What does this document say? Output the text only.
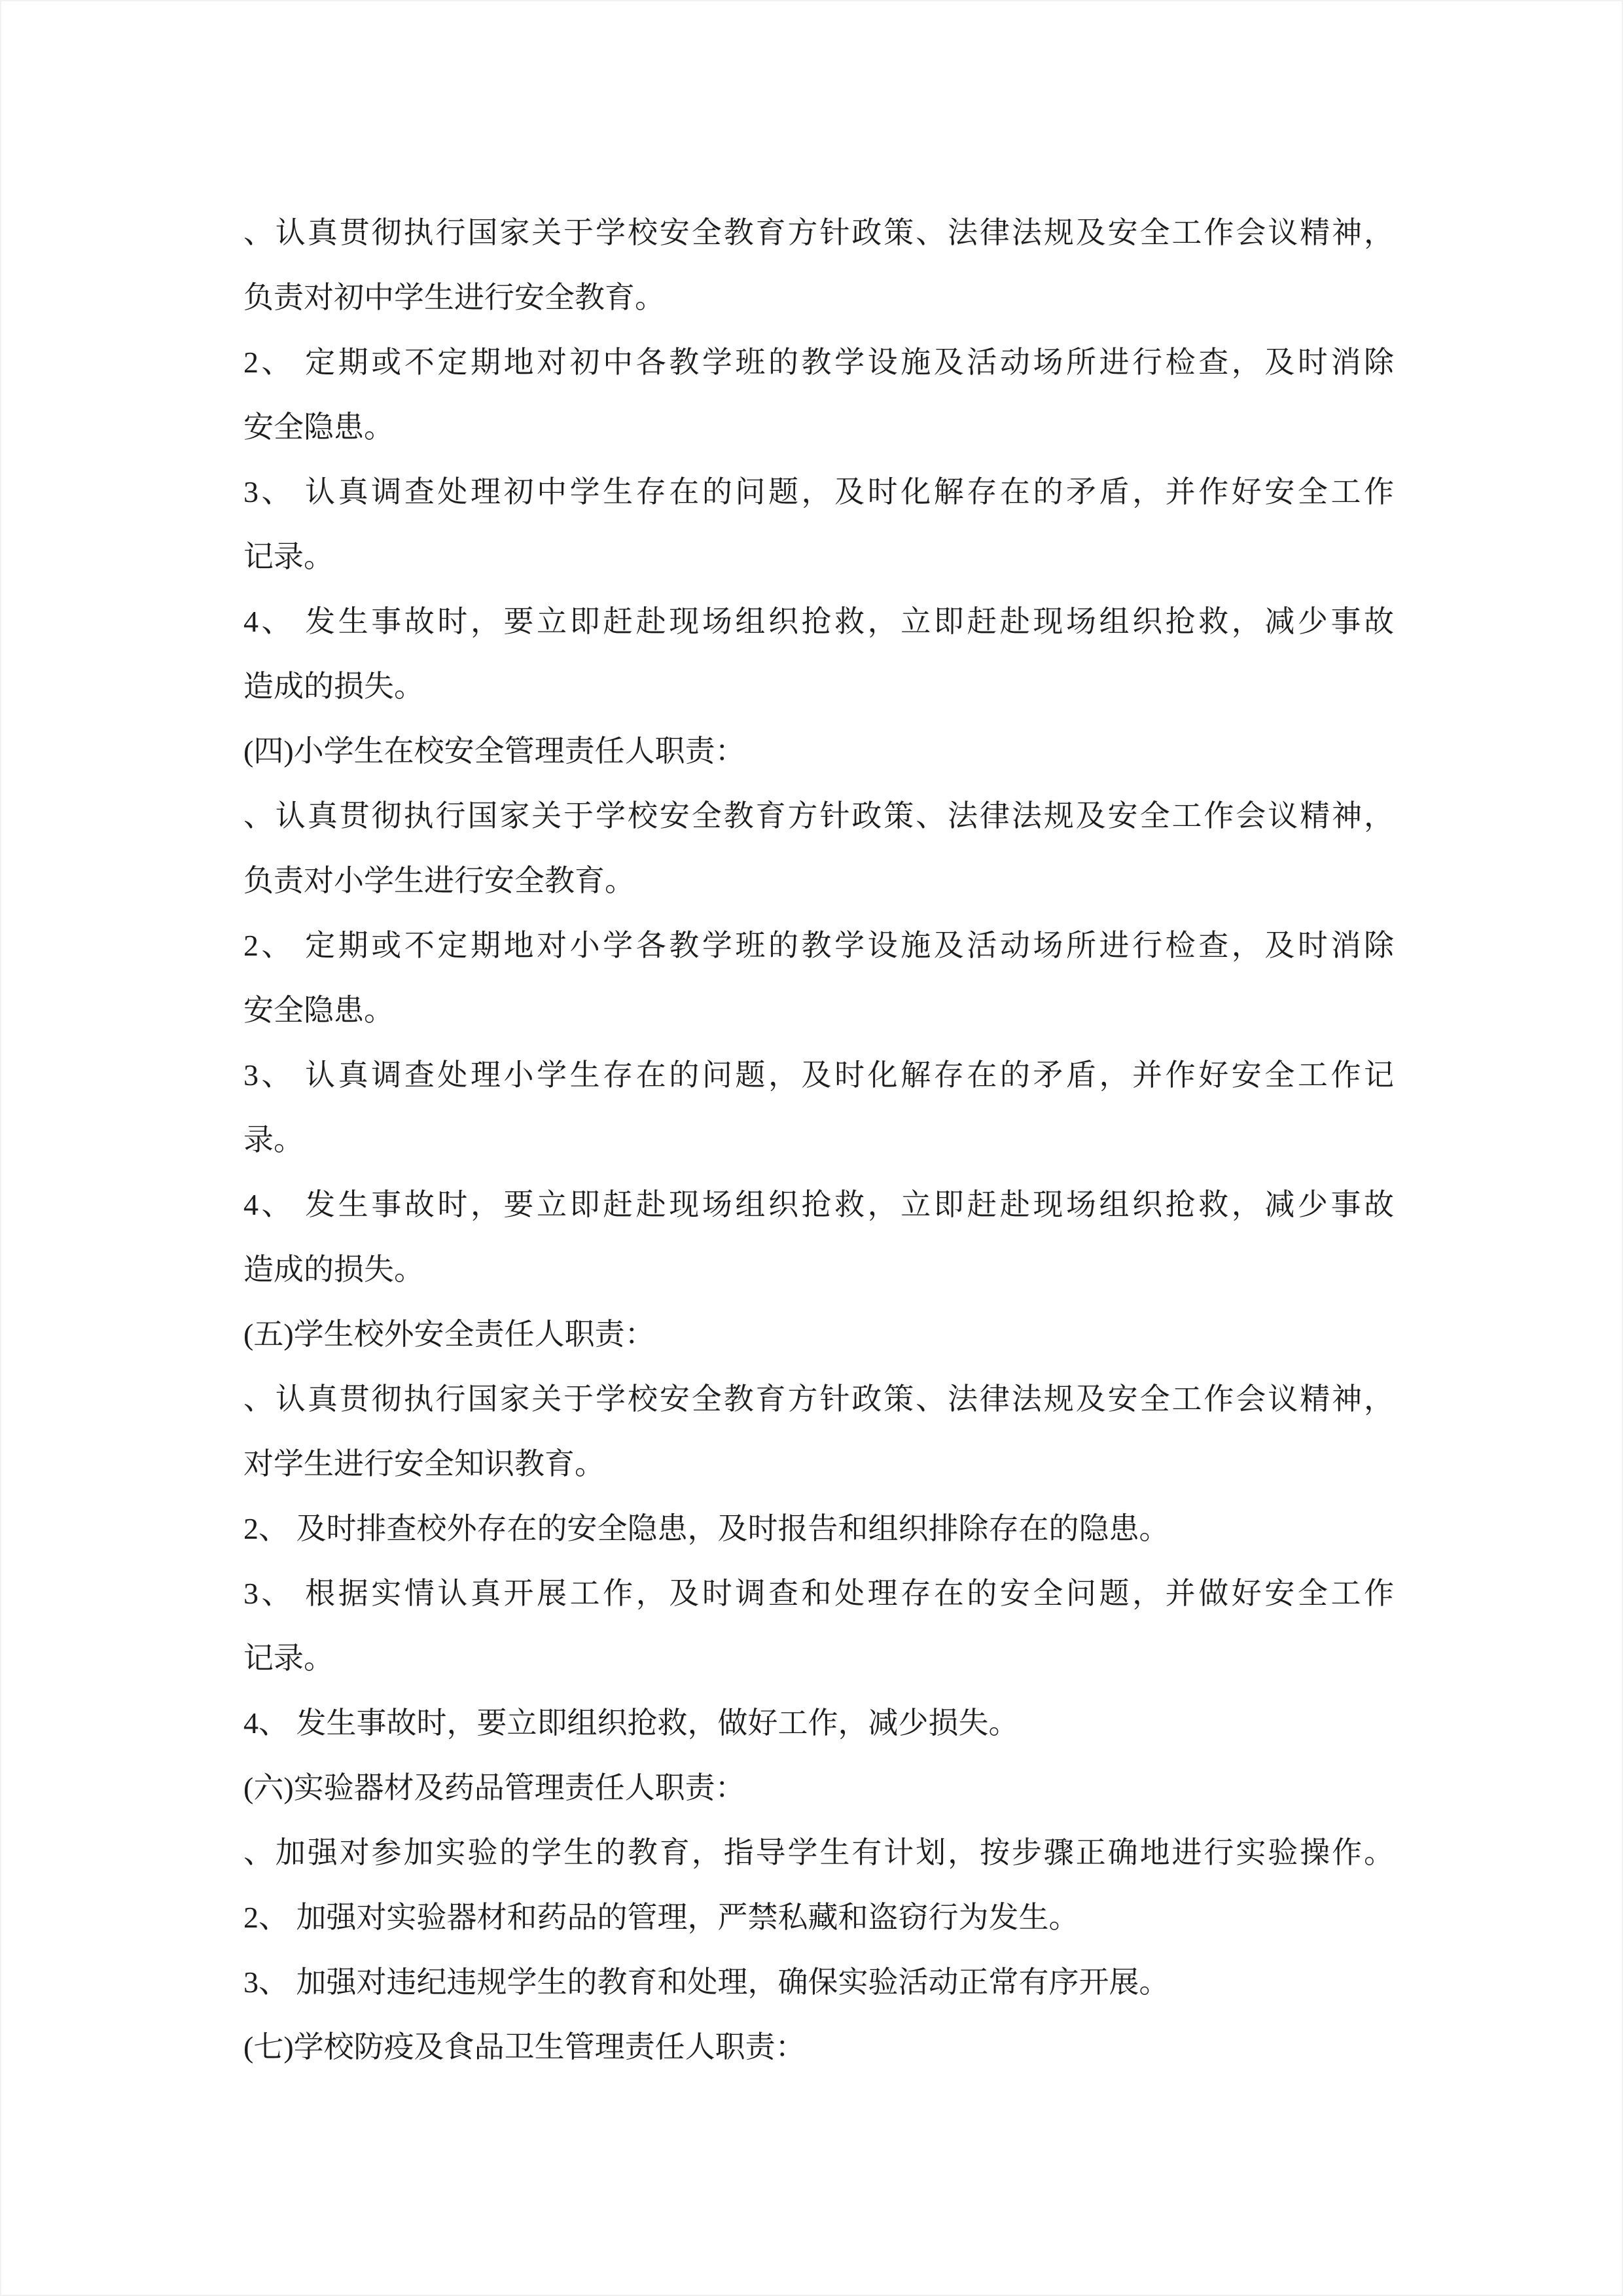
、认真贯彻执行国家关于学校安全教育方针政策、法律法规及安全工作会议精神，
负责对初中学生进行安全教育。
2、 定期或不定期地对初中各教学班的教学设施及活动场所进行检查，及时消除
安全隐患。
3、 认真调查处理初中学生存在的问题，及时化解存在的矛盾，并作好安全工作
记录。
4、 发生事故时，要立即赶赴现场组织抢救，立即赶赴现场组织抢救，减少事故
造成的损失。
(四)小学生在校安全管理责任人职责：
、认真贯彻执行国家关于学校安全教育方针政策、法律法规及安全工作会议精神，
负责对小学生进行安全教育。
2、 定期或不定期地对小学各教学班的教学设施及活动场所进行检查，及时消除
安全隐患。
3、 认真调查处理小学生存在的问题，及时化解存在的矛盾，并作好安全工作记
录。
4、 发生事故时，要立即赶赴现场组织抢救，立即赶赴现场组织抢救，减少事故
造成的损失。
(五)学生校外安全责任人职责：
、认真贯彻执行国家关于学校安全教育方针政策、法律法规及安全工作会议精神，
对学生进行安全知识教育。
2、 及时排查校外存在的安全隐患，及时报告和组织排除存在的隐患。
3、 根据实情认真开展工作，及时调查和处理存在的安全问题，并做好安全工作
记录。
4、 发生事故时，要立即组织抢救，做好工作，减少损失。
(六)实验器材及药品管理责任人职责：
、加强对参加实验的学生的教育，指导学生有计划，按步骤正确地进行实验操作。
2、 加强对实验器材和药品的管理，严禁私藏和盗窃行为发生。
3、 加强对违纪违规学生的教育和处理，确保实验活动正常有序开展。
(七)学校防疫及食品卫生管理责任人职责：
